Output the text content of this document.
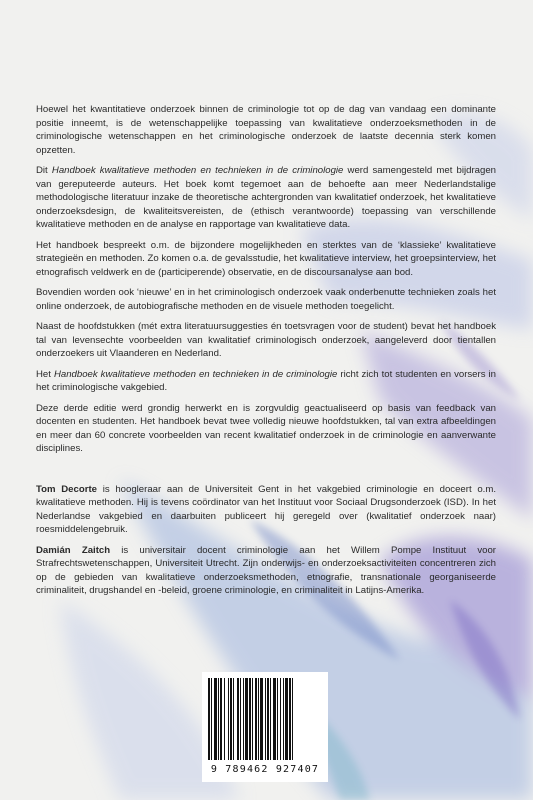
Hoewel het kwantitatieve onderzoek binnen de criminologie tot op de dag van vandaag een dominante positie inneemt, is de wetenschappelijke toepassing van kwalitatieve onderzoeksmethoden in de criminologische wetenschappen en het criminologische onderzoek de laatste decennia sterk komen opzetten.

Dit Handboek kwalitatieve methoden en technieken in de criminologie werd samengesteld met bijdragen van gereputeerde auteurs. Het boek komt tegemoet aan de behoefte aan meer Nederlandstalige methodologische literatuur inzake de theoretische achtergronden van kwalitatief onderzoek, het kwalitatieve onderzoeksdesign, de kwaliteitsvereisten, de (ethisch verantwoorde) toepassing van verschillende kwalitatieve methoden en de analyse en rapportage van kwalitatieve data.

Het handboek bespreekt o.m. de bijzondere mogelijkheden en sterktes van de ‘klassieke’ kwalitatieve strategieën en methoden. Zo komen o.a. de gevalsstudie, het kwalitatieve interview, het groepsinterview, het etnografisch veldwerk en de (participerende) observatie, en de discoursanalyse aan bod.

Bovendien worden ook ‘nieuwe’ en in het criminologisch onderzoek vaak onderbenutte technieken zoals het online onderzoek, de autobiografische methoden en de visuele methoden toegelicht.

Naast de hoofdstukken (mét extra literatuursuggesties én toetsvragen voor de student) bevat het handboek tal van levensechte voorbeelden van kwalitatief criminologisch onderzoek, aangeleverd door tientallen onderzoekers uit Vlaanderen en Nederland.

Het Handboek kwalitatieve methoden en technieken in de criminologie richt zich tot studenten en vorsers in het criminologische vakgebied.

Deze derde editie werd grondig herwerkt en is zorgvuldig geactualiseerd op basis van feedback van docenten en studenten. Het handboek bevat twee volledig nieuwe hoofdstukken, tal van extra afbeeldingen en meer dan 60 concrete voorbeelden van recent kwalitatief onderzoek in de criminologie en aanverwante disciplines.

Tom Decorte is hoogleraar aan de Universiteit Gent in het vakgebied criminologie en doceert o.m. kwalitatieve methoden. Hij is tevens coördinator van het Instituut voor Sociaal Drugsonderzoek (ISD). In het Nederlandse vakgebied en daarbuiten publiceert hij geregeld over (kwalitatief onderzoek naar) roesmiddelengebruik.

Damián Zaitch is universitair docent criminologie aan het Willem Pompe Instituut voor Strafrechtswetenschappen, Universiteit Utrecht. Zijn onderwijs- en onderzoeksactiviteiten concentreren zich op de gebieden van kwalitatieve onderzoeksmethoden, etnografie, transnationale georganiseerde criminaliteit, drugshandel en -beleid, groene criminologie, en criminaliteit in Latijns-Amerika.

9 789462 927407
